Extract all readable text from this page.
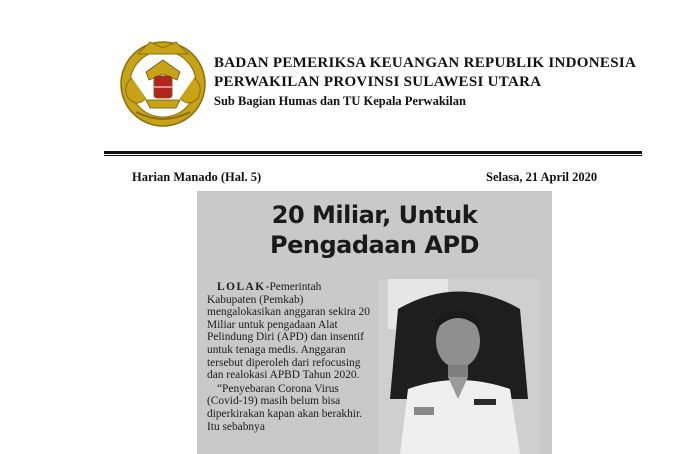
BADAN PEMERIKSA KEUANGAN REPUBLIK INDONESIA
PERWAKILAN PROVINSI SULAWESI UTARA
Sub Bagian Humas dan TU Kepala Perwakilan
Harian Manado (Hal. 5)	Selasa, 21 April 2020
20 Miliar, Untuk
Pengadaan APD

LOLAK-Pemerintah Kabupaten (Pemkab) mengalokasikan anggaran sekira 20 Miliar untuk pengadaan Alat Pelindung Diri (APD) dan insentif untuk tenaga medis. Anggaran tersebut diperoleh dari refocusing dan realokasi APBD Tahun 2020.

“Penyebaran Corona Virus (Covid-19) masih belum bisa diperkirakan kapan akan berakhir. Itu sebabnya
